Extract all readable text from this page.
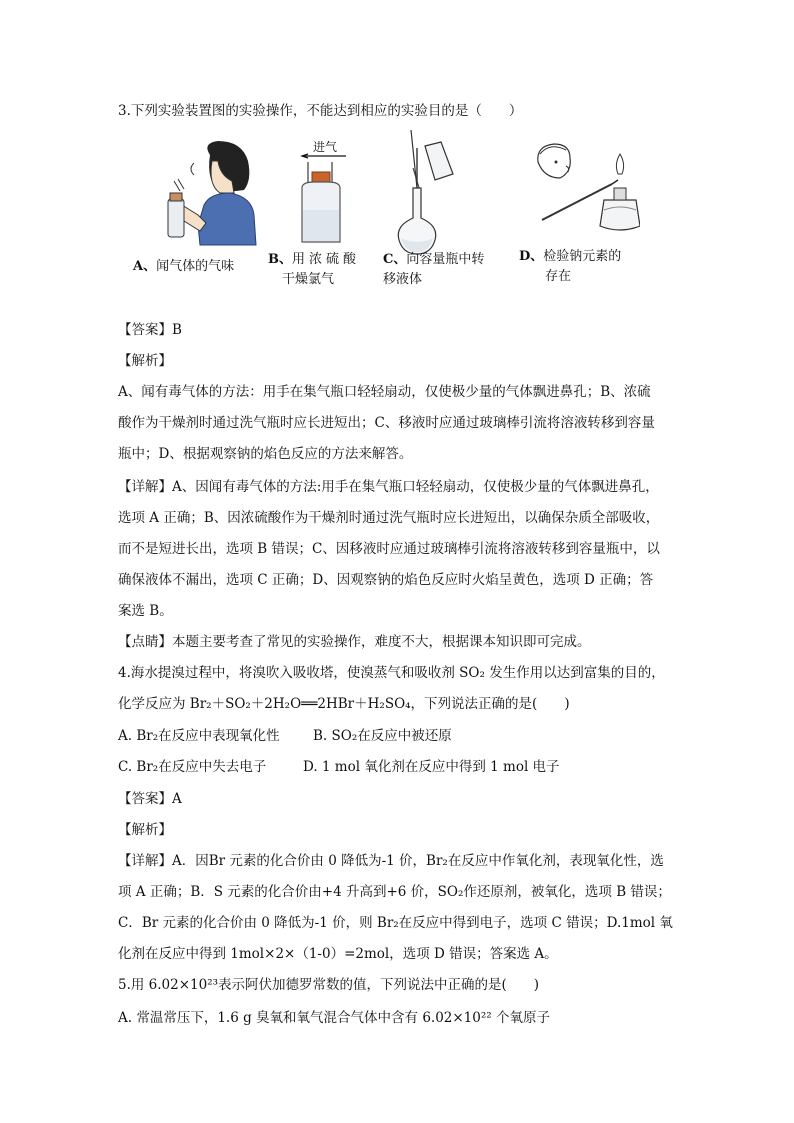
3.下列实验装置图的实验操作，不能达到相应的实验目的是（　　）
进气
A、闻气体的气味	B、用浓硫酸
干燥氯气
C、向容量瓶中转
移液体
D、检验钠元素的
存在
【答案】B
【解析】
A、闻有毒气体的方法：用手在集气瓶口轻轻扇动，仅使极少量的气体飘进鼻孔；B、浓硫
酸作为干燥剂时通过洗气瓶时应长进短出；C、移液时应通过玻璃棒引流将溶液转移到容量
瓶中；D、根据观察钠的焰色反应的方法来解答。
【详解】A、因闻有毒气体的方法:用手在集气瓶口轻轻扇动，仅使极少量的气体飘进鼻孔，
选项 A 正确；B、因浓硫酸作为干燥剂时通过洗气瓶时应长进短出，以确保杂质全部吸收，
而不是短进长出，选项 B 错误；C、因移液时应通过玻璃棒引流将溶液转移到容量瓶中，以
确保液体不漏出，选项 C 正确；D、因观察钠的焰色反应时火焰呈黄色，选项 D 正确；答
案选 B。
【点睛】本题主要考查了常见的实验操作，难度不大，根据课本知识即可完成。
4.海水提溴过程中，将溴吹入吸收塔，使溴蒸气和吸收剂 SO₂ 发生作用以达到富集的目的，
化学反应为 Br₂＋SO₂＋2H₂O══2HBr＋H₂SO₄，下列说法正确的是(　　)
A. Br₂在反应中表现氧化性 B. SO₂在反应中被还原
C. Br₂在反应中失去电子	D. 1 mol 氧化剂在反应中得到 1 mol 电子
【答案】A
【解析】
【详解】A．因Br 元素的化合价由 0 降低为-1 价，Br₂在反应中作氧化剂，表现氧化性，选
项 A 正确；B．S 元素的化合价由+4 升高到+6 价，SO₂作还原剂，被氧化，选项 B 错误；
C．Br 元素的化合价由 0 降低为-1 价，则 Br₂在反应中得到电子，选项 C 错误；D.1mol 氧
化剂在反应中得到 1mol×2×（1-0）=2mol，选项 D 错误；答案选 A。
5.用 6.02×10²³表示阿伏加德罗常数的值，下列说法中正确的是(　　)
A. 常温常压下，1.6 g 臭氧和氧气混合气体中含有 6.02×10²² 个氧原子
